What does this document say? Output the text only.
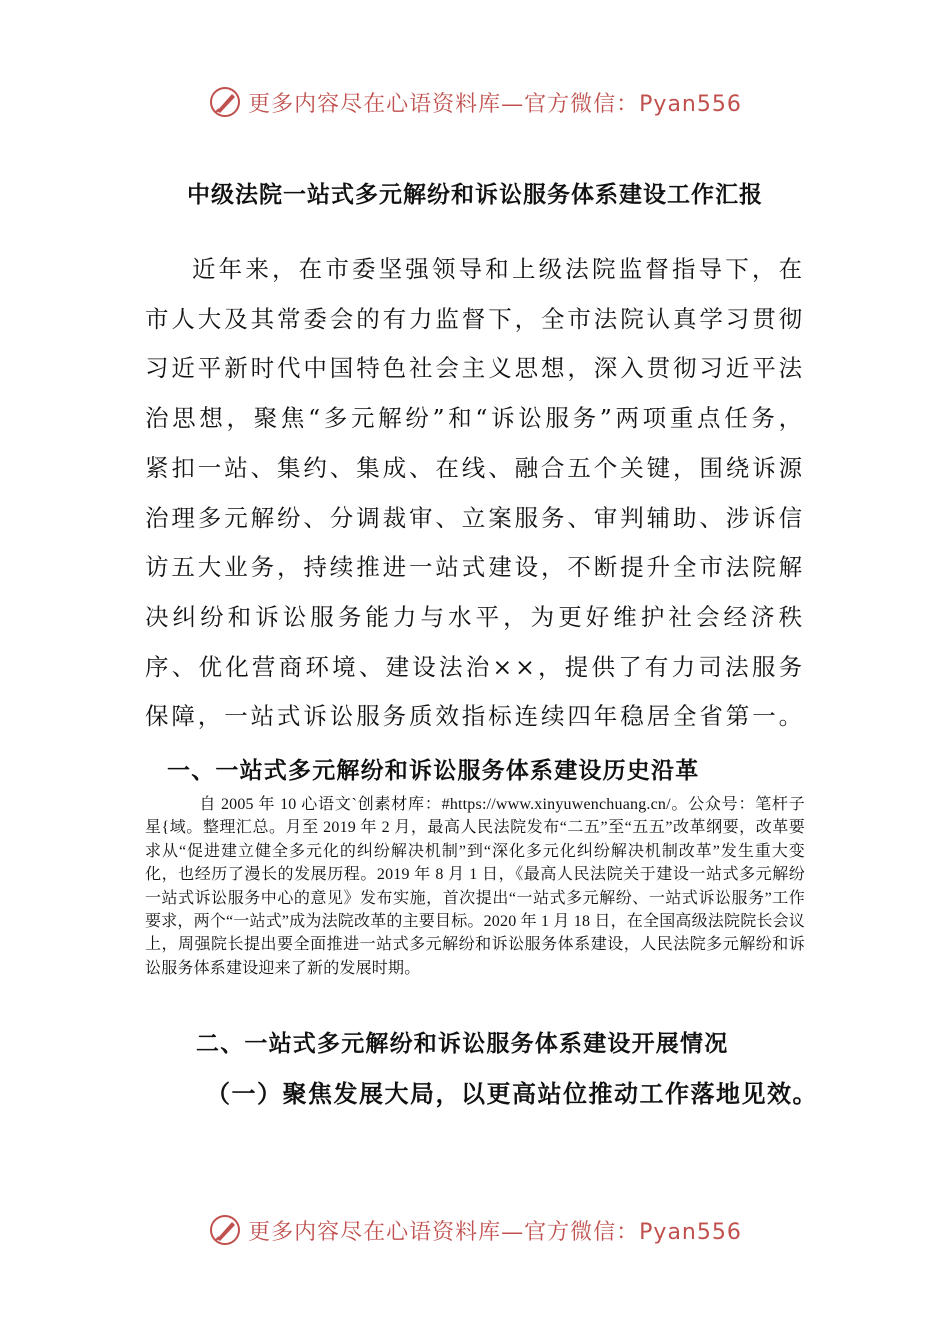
更多内容尽在心语资料库—官方微信：Pyan556
中级法院一站式多元解纷和诉讼服务体系建设工作汇报

近年来，在市委坚强领导和上级法院监督指导下，在市人大及其常委会的有力监督下，全市法院认真学习贯彻习近平新时代中国特色社会主义思想，深入贯彻习近平法治思想，聚焦“多元解纷”和“诉讼服务”两项重点任务，紧扣一站、集约、集成、在线、融合五个关键，围绕诉源治理多元解纷、分调裁审、立案服务、审判辅助、涉诉信访五大业务，持续推进一站式建设，不断提升全市法院解决纠纷和诉讼服务能力与水平，为更好维护社会经济秩序、优化营商环境、建设法治××，提供了有力司法服务保障，一站式诉讼服务质效指标连续四年稳居全省第一。

一、一站式多元解纷和诉讼服务体系建设历史沿革

自 2005 年 10 心语文`创素材库：#https://www.xinyuwenchuang.cn/。公众号：笔杆子星{域。整理汇总。月至 2019 年 2 月，最高人民法院发布“二五”至“五五”改革纲要，改革要求从“促进建立健全多元化的纠纷解决机制”到“深化多元化纠纷解决机制改革”发生重大变化，也经历了漫长的发展历程。2019 年 8 月 1 日，《最高人民法院关于建设一站式多元解纷一站式诉讼服务中心的意见》发布实施，首次提出“一站式多元解纷、一站式诉讼服务”工作要求，两个“一站式”成为法院改革的主要目标。2020 年 1 月 18 日，在全国高级法院院长会议上，周强院长提出要全面推进一站式多元解纷和诉讼服务体系建设，人民法院多元解纷和诉讼服务体系建设迎来了新的发展时期。

二、一站式多元解纷和诉讼服务体系建设开展情况
（一）聚焦发展大局，以更高站位推动工作落地见效。
更多内容尽在心语资料库—官方微信：Pyan556
